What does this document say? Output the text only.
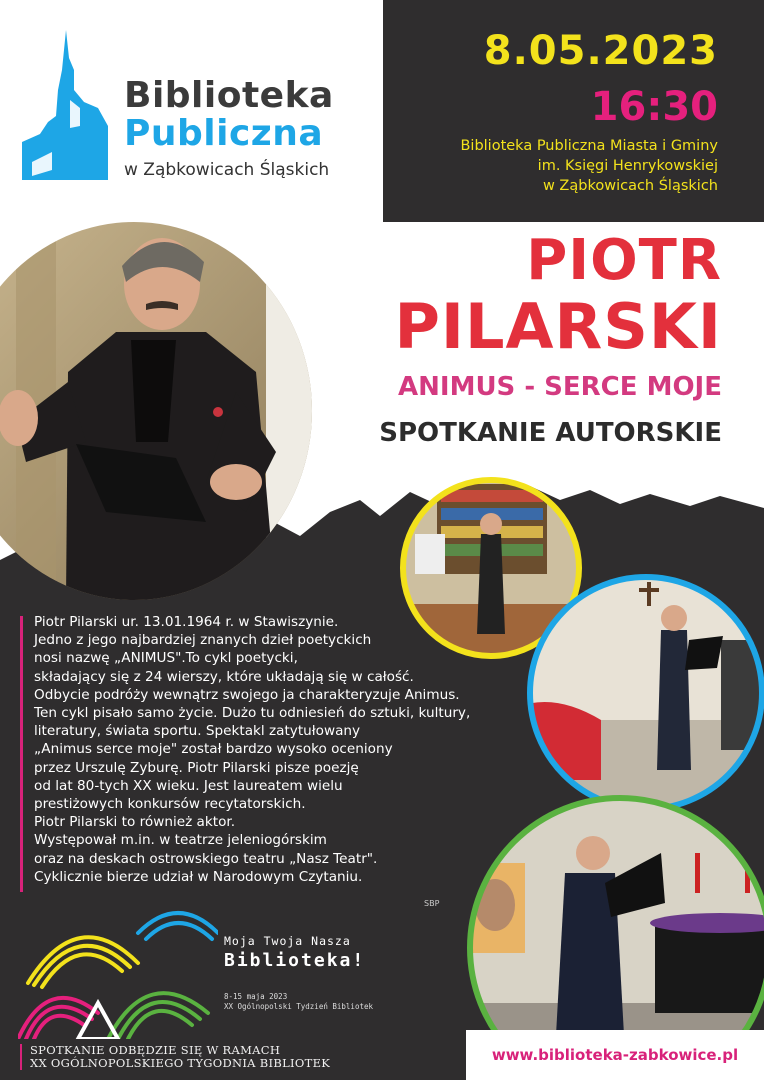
Biblioteka
Publiczna
w Ząbkowicach Śląskich
8.05.2023
16:30
Biblioteka Publiczna Miasta i Gminy
im. Księgi Henrykowskiej
w Ząbkowicach Śląskich
PIOTR
PILARSKI
ANIMUS - SERCE MOJE
SPOTKANIE AUTORSKIE
Piotr Pilarski ur. 13.01.1964 r. w Stawiszynie.
Jedno z jego najbardziej znanych dzieł poetyckich
nosi nazwę „ANIMUS".To cykl poetycki,
składający się z 24 wierszy, które układają się w całość.
Odbycie podróży wewnątrz swojego ja charakteryzuje Animus.
Ten cykl pisało samo życie. Dużo tu odniesień do sztuki, kultury,
literatury, świata sportu. Spektakl zatytułowany
„Animus serce moje" został bardzo wysoko oceniony
przez Urszulę Zyburę. Piotr Pilarski pisze poezję
od lat 80-tych XX wieku. Jest laureatem wielu
prestiżowych konkursów recytatorskich.
Piotr Pilarski to również aktor.
Występował m.in. w teatrze jeleniogórskim
oraz na deskach ostrowskiego teatru „Nasz Teatr".
Cyklicznie bierze udział w Narodowym Czytaniu.
Moja Twoja Nasza
Biblioteka!
8-15 maja 2023
XX Ogólnopolski Tydzień Bibliotek
SBP
SPOTKANIE ODBĘDZIE SIĘ W RAMACH
XX OGÓLNOPOLSKIEGO TYGODNIA BIBLIOTEK	www.biblioteka-zabkowice.pl
